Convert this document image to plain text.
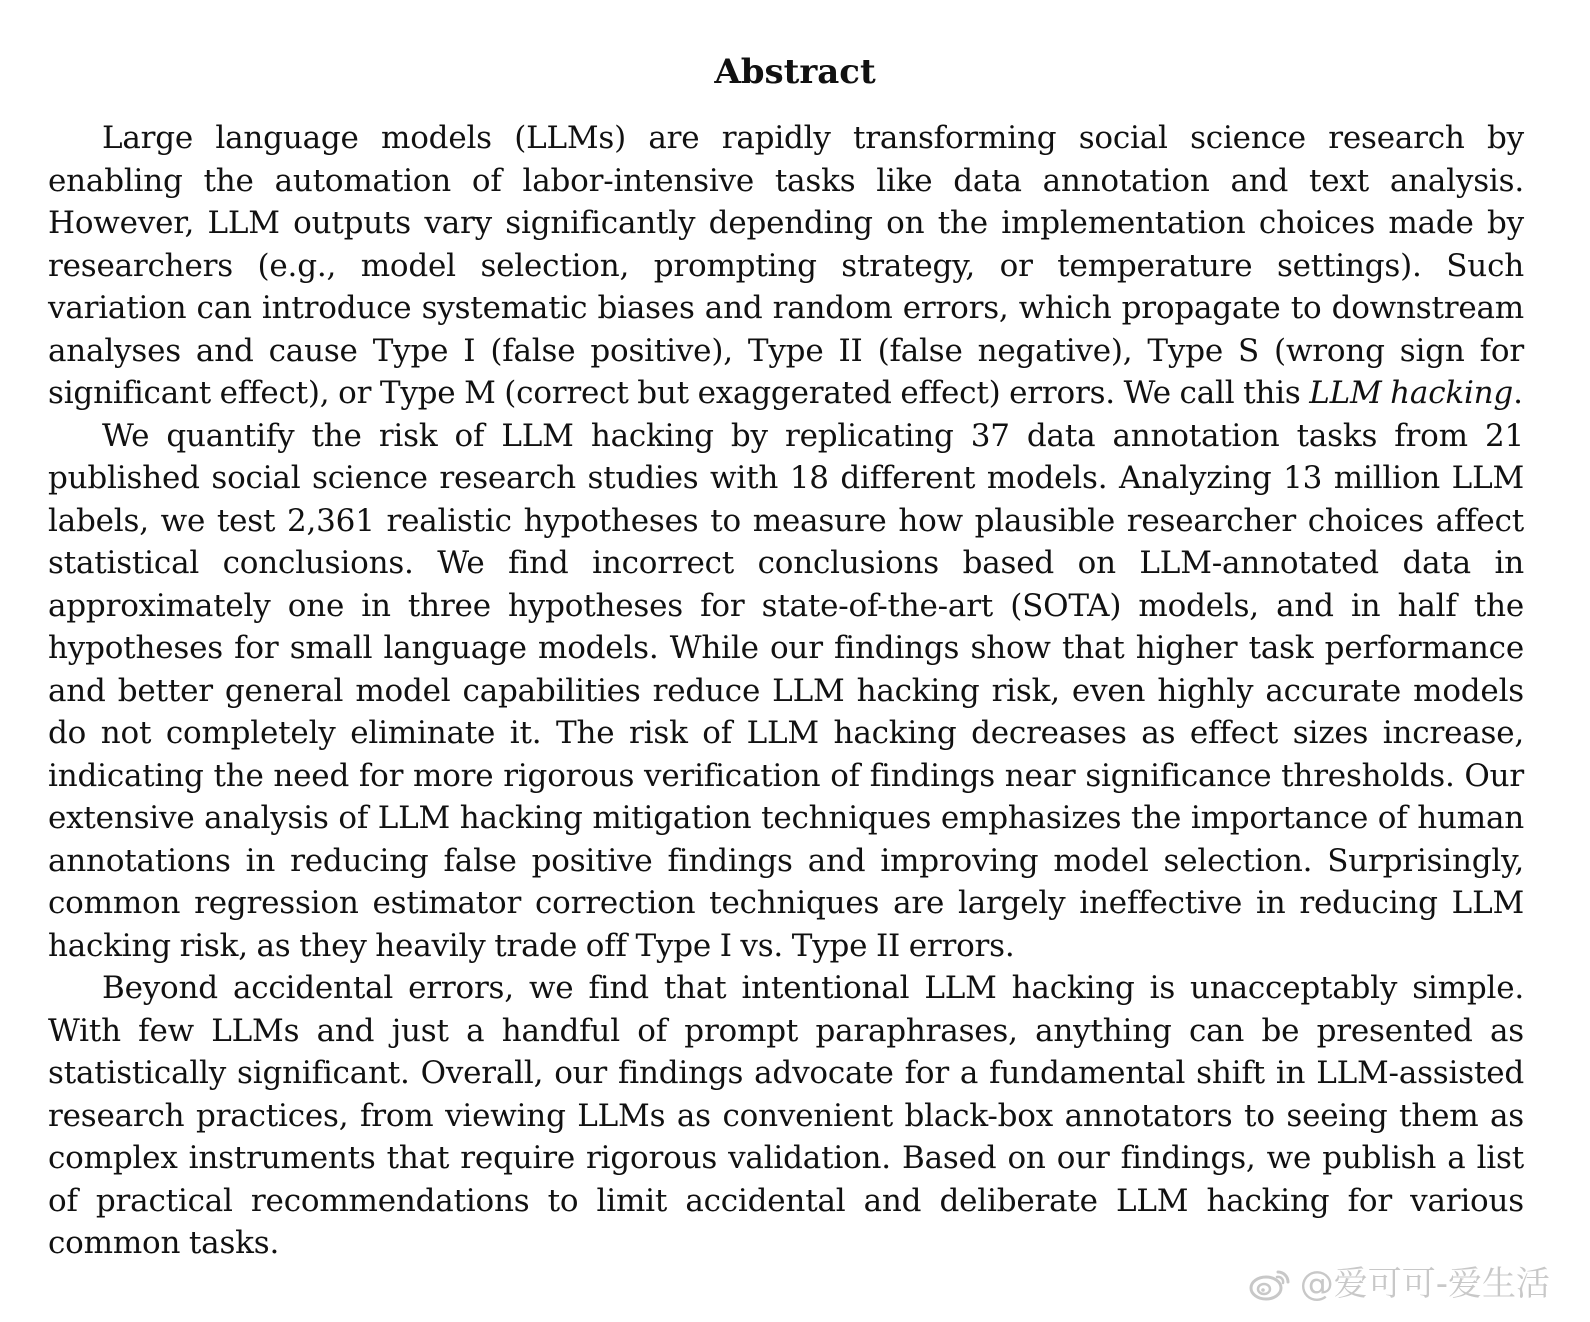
Abstract

Large language models (LLMs) are rapidly transforming social science research by enabling the automation of labor-intensive tasks like data annotation and text analysis. However, LLM outputs vary significantly depending on the implementation choices made by researchers (e.g., model selection, prompting strategy, or temperature settings). Such variation can introduce systematic biases and random errors, which propagate to downstream analyses and cause Type I (false positive), Type II (false negative), Type S (wrong sign for significant effect), or Type M (correct but exaggerated effect) errors. We call this LLM hacking.

We quantify the risk of LLM hacking by replicating 37 data annotation tasks from 21 published social science research studies with 18 different models. Analyzing 13 million LLM labels, we test 2,361 realistic hypotheses to measure how plausible researcher choices affect statistical conclusions. We find incorrect conclusions based on LLM-annotated data in approximately one in three hypotheses for state-of-the-art (SOTA) models, and in half the hypotheses for small language models. While our findings show that higher task performance and better general model capabilities reduce LLM hacking risk, even highly accurate models do not completely eliminate it. The risk of LLM hacking decreases as effect sizes increase, indicating the need for more rigorous verification of findings near significance thresholds. Our extensive analysis of LLM hacking mitigation techniques emphasizes the importance of human annotations in reducing false positive findings and improving model selection. Surprisingly, common regression estimator correction techniques are largely ineffective in reducing LLM hacking risk, as they heavily trade off Type I vs. Type II errors.

Beyond accidental errors, we find that intentional LLM hacking is unacceptably simple. With few LLMs and just a handful of prompt paraphrases, anything can be presented as statistically significant. Overall, our findings advocate for a fundamental shift in LLM-assisted research practices, from viewing LLMs as convenient black-box annotators to seeing them as complex instruments that require rigorous validation. Based on our findings, we publish a list of practical recommendations to limit accidental and deliberate LLM hacking for various common tasks.

@爱可可-爱生活
